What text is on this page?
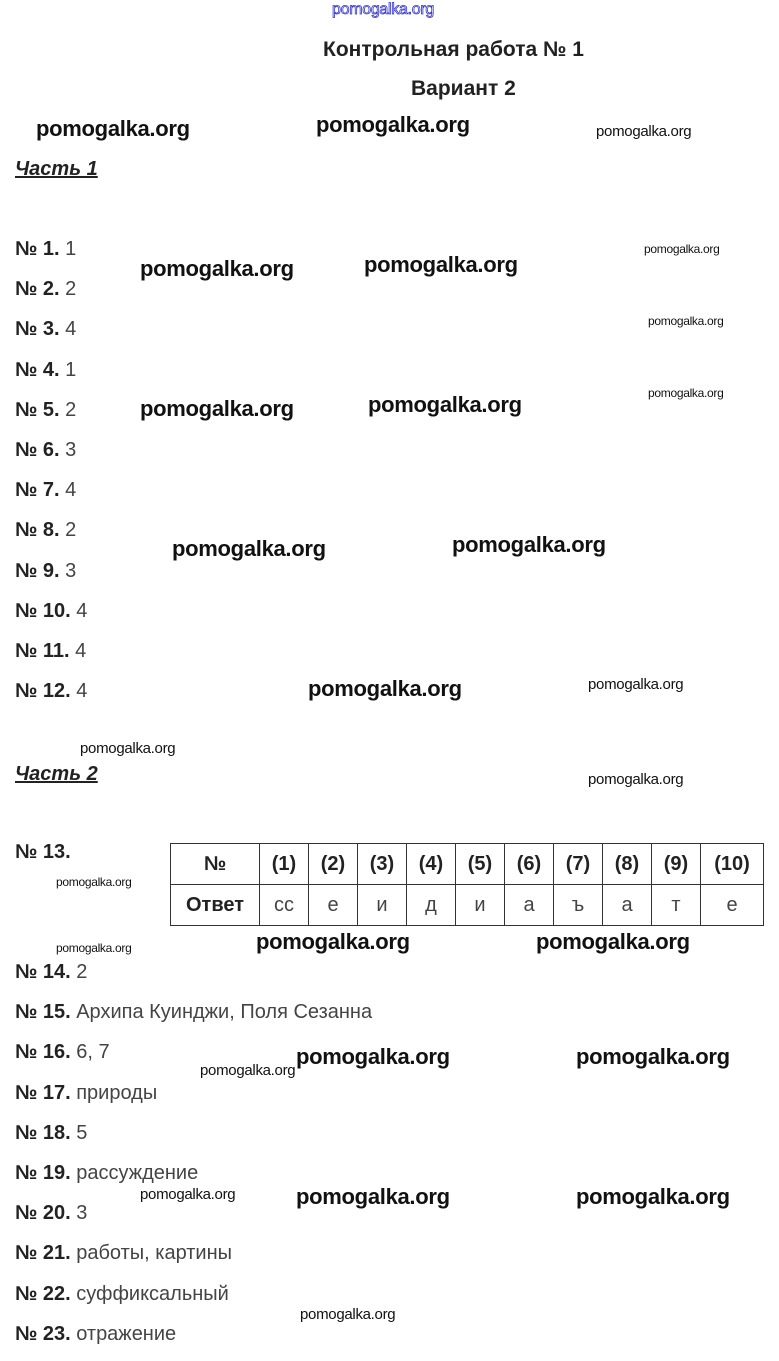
Контрольная работа № 1
Вариант 2
Часть 1
№ 1. 1
№ 2. 2
№ 3. 4
№ 4. 1
№ 5. 2
№ 6. 3
№ 7. 4
№ 8. 2
№ 9. 3
№ 10. 4
№ 11. 4
№ 12. 4
Часть 2
№ 13.
№	(1)	(2)	(3)	(4)	(5)	(6)	(7)	(8)	(9)	(10)
Ответ	сс	е	и	д	и	а	ъ	а	т	е
№ 14. 2
№ 15. Архипа Куинджи, Поля Сезанна
№ 16. 6, 7
№ 17. природы
№ 18. 5
№ 19. рассуждение
№ 20. 3
№ 21. работы, картины
№ 22. суффиксальный
№ 23. отражение
pomogalka.org
pomogalka.org	pomogalka.org	pomogalka.org
pomogalka.org
pomogalka.org	pomogalka.org
pomogalka.org
pomogalka.org
pomogalka.org	pomogalka.org
pomogalka.org	pomogalka.org
pomogalka.org	pomogalka.org
pomogalka.org
pomogalka.org
pomogalka.org
pomogalka.org	pomogalka.org
pomogalka.org
pomogalka.org	pomogalka.org
pomogalka.org
pomogalka.org	pomogalka.org
pomogalka.org
pomogalka.org
